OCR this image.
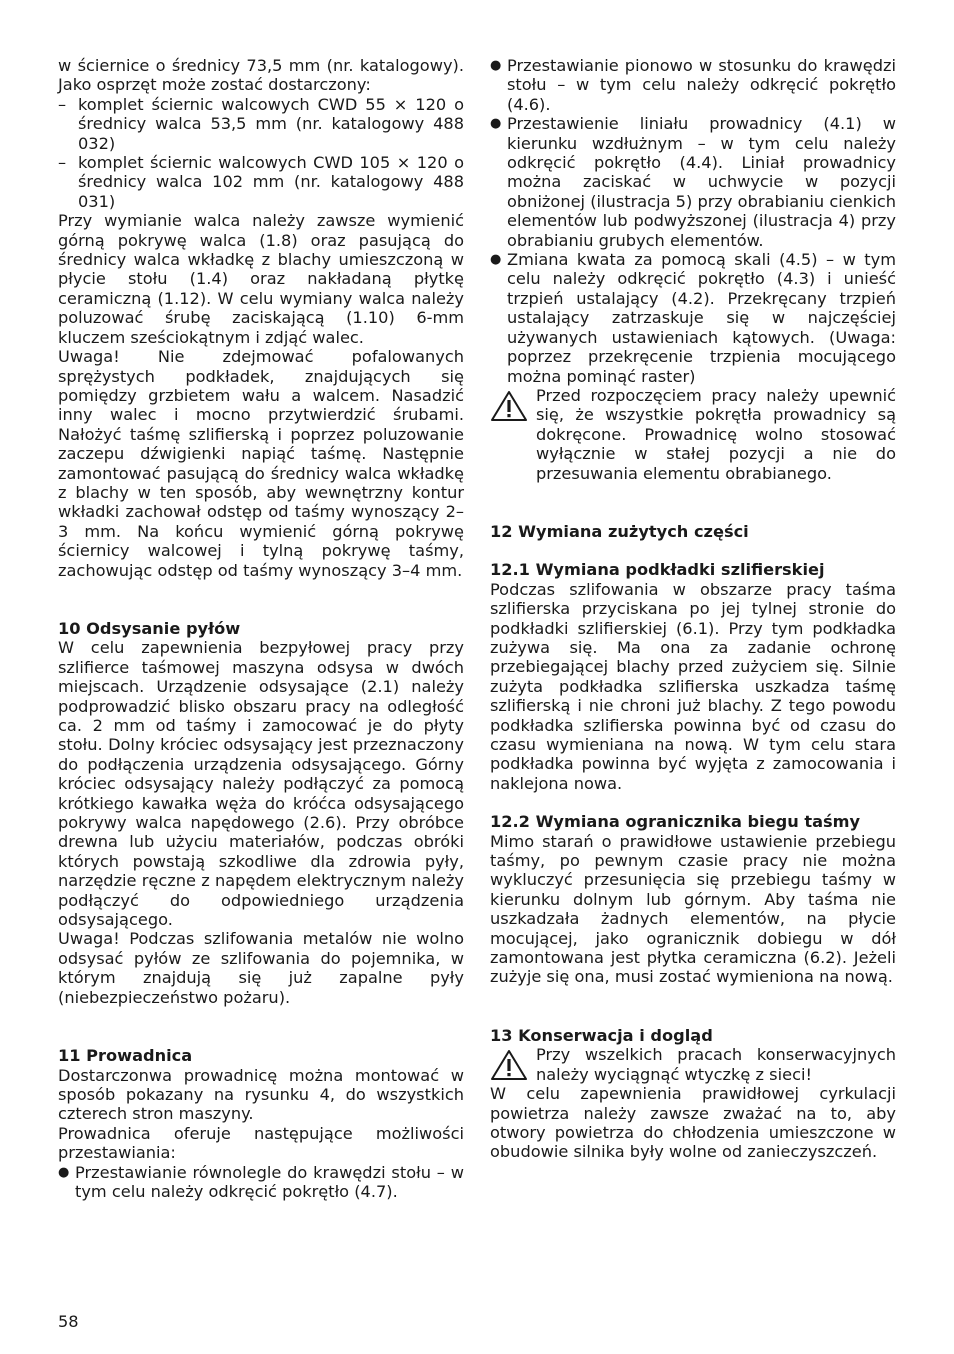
w ściernice o średnicy 73,5 mm (nr. katalogowy). Jako osprzęt może zostać dostarczony:

– komplet ściernic walcowych CWD 55 × 120 o średnicy walca 53,5 mm (nr. katalogowy 488 032)
– komplet ściernic walcowych CWD 105 × 120 o średnicy walca 102 mm (nr. katalogowy 488 031)

Przy wymianie walca należy zawsze wymienić górną pokrywę walca (1.8) oraz pasującą do średnicy walca wkładkę z blachy umieszczoną w płycie stołu (1.4) oraz nakładaną płytkę ceramiczną (1.12). W celu wymiany walca należy poluzować śrubę zaciskającą (1.10) 6-mm kluczem sześciokątnym i zdjąć walec.

Uwaga! Nie zdejmować pofalowanych sprężystych podkładek, znajdujących się pomiędzy grzbietem wału a walcem. Nasadzić inny walec i mocno przytwierdzić śrubami. Nałożyć taśmę szlifierską i poprzez poluzowanie zaczepu dźwigienki napiąć taśmę. Następnie zamontować pasującą do średnicy walca wkładkę z blachy w ten sposób, aby wewnętrzny kontur wkładki zachował odstęp od taśmy wynoszący 2–3 mm. Na końcu wymienić górną pokrywę ściernicy walcowej i tylną pokrywę taśmy, zachowując odstęp od taśmy wynoszący 3–4 mm.

10 Odsysanie pyłów

W celu zapewnienia bezpyłowej pracy przy szlifierce taśmowej maszyna odsysa w dwóch miejscach. Urządzenie odsysające (2.1) należy podprowadzić blisko obszaru pracy na odległość ca. 2 mm od taśmy i zamocować je do płyty stołu. Dolny króciec odsysający jest przeznaczony do podłączenia urządzenia odsysającego. Górny króciec odsysający należy podłączyć za pomocą krótkiego kawałka węża do króćca odsysającego pokrywy walca napędowego (2.6). Przy obróbce drewna lub użyciu materiałów, podczas obróki których powstają szkodliwe dla zdrowia pyły, narzędzie ręczne z napędem elektrycznym należy podłączyć do odpowiedniego urządzenia odsysającego.

Uwaga! Podczas szlifowania metalów nie wolno odsysać pyłów ze szlifowania do pojemnika, w którym znajdują się już zapalne pyły (niebezpieczeństwo pożaru).

11 Prowadnica

Dostarczonwa prowadnicę można montować w sposób pokazany na rysunku 4, do wszystkich czterech stron maszyny.

Prowadnica oferuje następujące możliwości przestawiania:

● Przestawianie równolegle do krawędzi stołu – w tym celu należy odkręcić pokrętło (4.7).
● Przestawianie pionowo w stosunku do krawędzi stołu – w tym celu należy odkręcić pokrętło (4.6).
● Przestawienie liniału prowadnicy (4.1) w kierunku wzdłużnym – w tym celu należy odkręcić pokrętło (4.4). Liniał prowadnicy można zaciskać w uchwycie w pozycji obniżonej (ilustracja 5) przy obrabianiu cienkich elementów lub podwyższonej (ilustracja 4) przy obrabianiu grubych elementów.
● Zmiana kwata za pomocą skali (4.5) – w tym celu należy odkręcić pokrętło (4.3) i unieść trzpień ustalający (4.2). Przekręcany trzpień ustalający zatrzaskuje się w najczęściej używanych ustawieniach kątowych. (Uwaga: poprzez przekręcenie trzpienia mocującego można pominąć raster)
Przed rozpoczęciem pracy należy upewnić się, że wszystkie pokrętła prowadnicy są dokręcone. Prowadnicę wolno stosować wyłącznie w stałej pozycji a nie do przesuwania elementu obrabianego.
12 Wymiana zużytych części
12.1 Wymiana podkładki szlifierskiej

Podczas szlifowania w obszarze pracy taśma szlifierska przyciskana po jej tylnej stronie do podkładki szlifierskiej (6.1). Przy tym podkładka zużywa się. Ma ona za zadanie ochronę przebiegającej blachy przed zużyciem się. Silnie zużyta podkładka szlifierska uszkadza taśmę szlifierską i nie chroni już blachy. Z tego powodu podkładka szlifierska powinna być od czasu do czasu wymieniana na nową. W tym celu stara podkładka powinna być wyjęta z zamocowania i naklejona nowa.

12.2 Wymiana ogranicznika biegu taśmy

Mimo starań o prawidłowe ustawienie przebiegu taśmy, po pewnym czasie pracy nie można wykluczyć przesunięcia się przebiegu taśmy w kierunku dolnym lub górnym. Aby taśma nie uszkadzała żadnych elementów, na płycie mocującej, jako ogranicznik dobiegu w dół zamontowana jest płytka ceramiczna (6.2). Jeżeli zużyje się ona, musi zostać wymieniona na nową.

13 Konserwacja i dogląd
Przy wszelkich pracach konserwacyjnych należy wyciągnąć wtyczkę z sieci!

W celu zapewnienia prawidłowej cyrkulacji powietrza należy zawsze zważać na to, aby otwory powietrza do chłodzenia umieszczone w obudowie silnika były wolne od zanieczyszczeń.

58
